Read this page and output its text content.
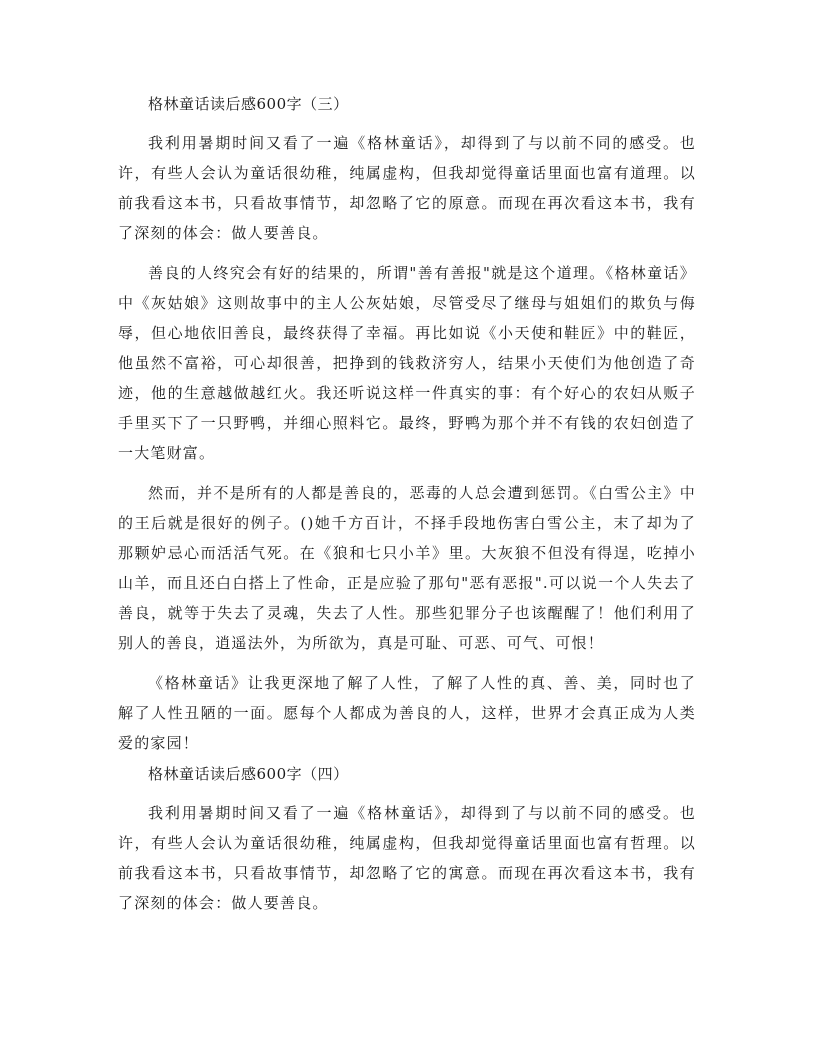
格林童话读后感600字（三）

我利用暑期时间又看了一遍《格林童话》，却得到了与以前不同的感受。也许，有些人会认为童话很幼稚，纯属虚构，但我却觉得童话里面也富有道理。以前我看这本书，只看故事情节，却忽略了它的原意。而现在再次看这本书，我有了深刻的体会：做人要善良。

善良的人终究会有好的结果的，所谓"善有善报"就是这个道理。《格林童话》中《灰姑娘》这则故事中的主人公灰姑娘，尽管受尽了继母与姐姐们的欺负与侮辱，但心地依旧善良，最终获得了幸福。再比如说《小天使和鞋匠》中的鞋匠，他虽然不富裕，可心却很善，把挣到的钱救济穷人，结果小天使们为他创造了奇迹，他的生意越做越红火。我还听说这样一件真实的事：有个好心的农妇从贩子手里买下了一只野鸭，并细心照料它。最终，野鸭为那个并不有钱的农妇创造了一大笔财富。

然而，并不是所有的人都是善良的，恶毒的人总会遭到惩罚。《白雪公主》中的王后就是很好的例子。()她千方百计，不择手段地伤害白雪公主，末了却为了那颗妒忌心而活活气死。在《狼和七只小羊》里。大灰狼不但没有得逞，吃掉小山羊，而且还白白搭上了性命，正是应验了那句"恶有恶报".可以说一个人失去了善良，就等于失去了灵魂，失去了人性。那些犯罪分子也该醒醒了！他们利用了别人的善良，逍遥法外，为所欲为，真是可耻、可恶、可气、可恨！

《格林童话》让我更深地了解了人性，了解了人性的真、善、美，同时也了解了人性丑陋的一面。愿每个人都成为善良的人，这样，世界才会真正成为人类爱的家园！

格林童话读后感600字（四）

我利用暑期时间又看了一遍《格林童话》，却得到了与以前不同的感受。也许，有些人会认为童话很幼稚，纯属虚构，但我却觉得童话里面也富有哲理。以前我看这本书，只看故事情节，却忽略了它的寓意。而现在再次看这本书，我有了深刻的体会：做人要善良。
